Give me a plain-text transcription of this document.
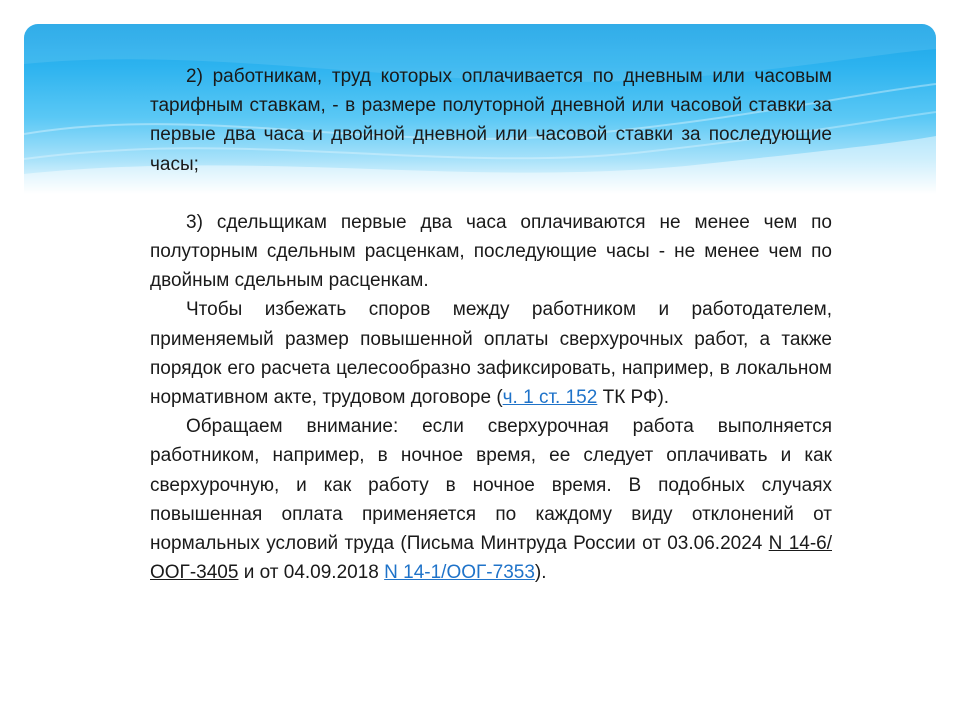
2) работникам, труд которых оплачивается по дневным или часовым тарифным ставкам, - в размере полуторной дневной или часовой ставки за первые два часа и двойной дневной или часовой ставки за последующие часы;

3) сдельщикам первые два часа оплачиваются не менее чем по полуторным сдельным расценкам, последующие часы - не менее чем по двойным сдельным расценкам.

Чтобы избежать споров между работником и работодателем, применяемый размер повышенной оплаты сверхурочных работ, а также порядок его расчета целесообразно зафиксировать, например, в локальном нормативном акте, трудовом договоре (ч. 1 ст. 152 ТК РФ).

Обращаем внимание: если сверхурочная работа выполняется работником, например, в ночное время, ее следует оплачивать и как сверхурочную, и как работу в ночное время. В подобных случаях повышенная оплата применяется по каждому виду отклонений от нормальных условий труда (Письма Минтруда России от 03.06.2024 N 14-6/ООГ-3405 и от 04.09.2018 N 14-1/ООГ-7353).
